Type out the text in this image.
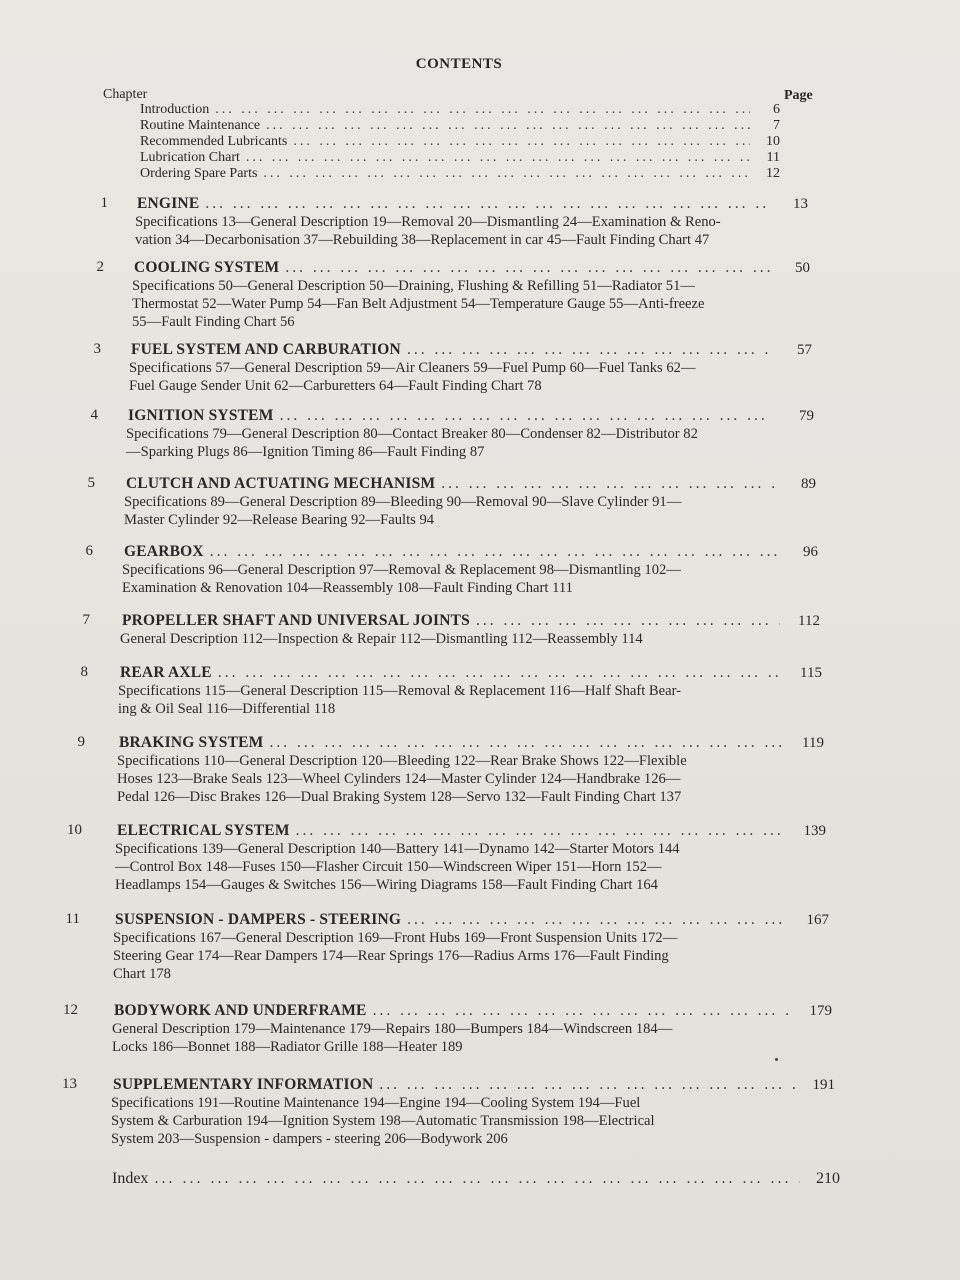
CONTENTS
Chapter	Page
Introduction ... .	6
Routine Maintenance ... .	7
Recommended Lubricants ... .	10
Lubrication Chart ... .	11
Ordering Spare Parts ... .	12
1 ENGINE ... .	13
Specifications 13—General Description 19—Removal 20—Dismantling 24—Examination & Reno-
vation 34—Decarbonisation 37—Rebuilding 38—Replacement in car 45—Fault Finding Chart 47
2 COOLING SYSTEM ... .	50
Specifications 50—General Description 50—Draining, Flushing & Refilling 51—Radiator 51—
Thermostat 52—Water Pump 54—Fan Belt Adjustment 54—Temperature Gauge 55—Anti-freeze
55—Fault Finding Chart 56
3 FUEL SYSTEM AND CARBURATION ... .	57
Specifications 57—General Description 59—Air Cleaners 59—Fuel Pump 60—Fuel Tanks 62—
Fuel Gauge Sender Unit 62—Carburetters 64—Fault Finding Chart 78
4 IGNITION SYSTEM ... .	79
Specifications 79—General Description 80—Contact Breaker 80—Condenser 82—Distributor 82
—Sparking Plugs 86—Ignition Timing 86—Fault Finding 87
5 CLUTCH AND ACTUATING MECHANISM ... .	89
Specifications 89—General Description 89—Bleeding 90—Removal 90—Slave Cylinder 91—
Master Cylinder 92—Release Bearing 92—Faults 94
6 GEARBOX ... .	96
Specifications 96—General Description 97—Removal & Replacement 98—Dismantling 102—
Examination & Renovation 104—Reassembly 108—Fault Finding Chart 111
7 PROPELLER SHAFT AND UNIVERSAL JOINTS ... .	112
General Description 112—Inspection & Repair 112—Dismantling 112—Reassembly 114
8 REAR AXLE ... .	115
Specifications 115—General Description 115—Removal & Replacement 116—Half Shaft Bear-
ing & Oil Seal 116—Differential 118
9 BRAKING SYSTEM ... .	119
Specifications 110—General Description 120—Bleeding 122—Rear Brake Shows 122—Flexible
Hoses 123—Brake Seals 123—Wheel Cylinders 124—Master Cylinder 124—Handbrake 126—
Pedal 126—Disc Brakes 126—Dual Braking System 128—Servo 132—Fault Finding Chart 137
10 ELECTRICAL SYSTEM ... .	139
Specifications 139—General Description 140—Battery 141—Dynamo 142—Starter Motors 144
—Control Box 148—Fuses 150—Flasher Circuit 150—Windscreen Wiper 151—Horn 152—
Headlamps 154—Gauges & Switches 156—Wiring Diagrams 158—Fault Finding Chart 164
11 SUSPENSION - DAMPERS - STEERING ... .	167
Specifications 167—General Description 169—Front Hubs 169—Front Suspension Units 172—
Steering Gear 174—Rear Dampers 174—Rear Springs 176—Radius Arms 176—Fault Finding
Chart 178
12 BODYWORK AND UNDERFRAME ... .	179
General Description 179—Maintenance 179—Repairs 180—Bumpers 184—Windscreen 184—
Locks 186—Bonnet 188—Radiator Grille 188—Heater 189
13 SUPPLEMENTARY INFORMATION ... .	191
Specifications 191—Routine Maintenance 194—Engine 194—Cooling System 194—Fuel
System & Carburation 194—Ignition System 198—Automatic Transmission 198—Electrical
System 203—Suspension - dampers - steering 206—Bodywork 206
Index ... .	210
